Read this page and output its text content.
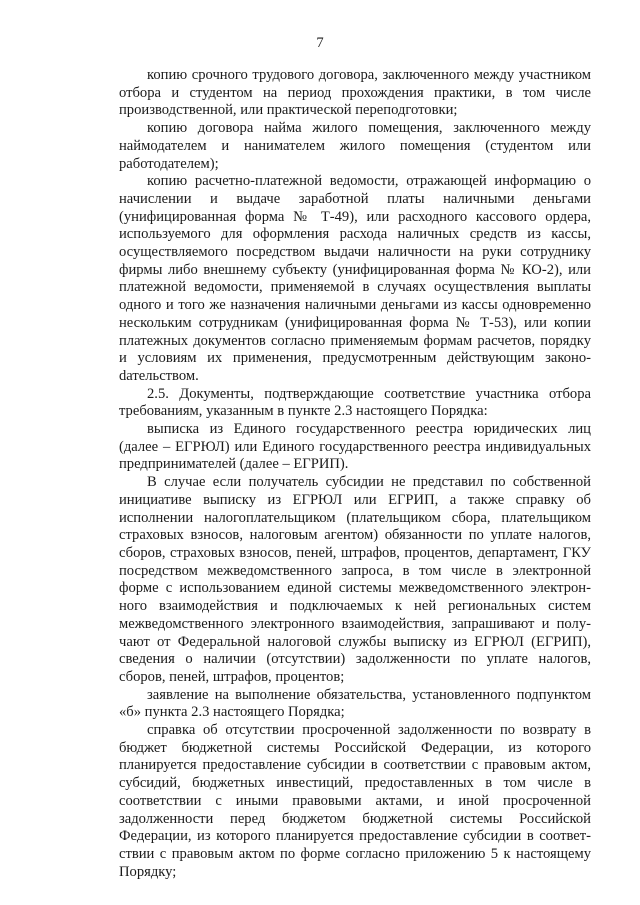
7

копию срочного трудового договора, заключенного между участником отбора и студентом на период прохождения практики, в том числе производственной, или практической переподготовки;

копию договора найма жилого помещения, заключенного между наймодателем и нанимателем жилого помещения (студентом или работодателем);

копию расчетно-платежной ведомости, отражающей информацию о начислении и выдаче заработной платы наличными деньгами (унифицированная форма № Т-49), или расходного кассового ордера, используемого для оформления расхода наличных средств из кассы, осуществляемого посредством выдачи наличности на руки сотруднику фирмы либо внешнему субъекту (унифицированная форма № КО-2), или платежной ведомости, применяемой в случаях осуществления выплаты одного и того же назначения наличными деньгами из кассы одновременно нескольким сотрудникам (унифицированная форма № Т-53), или копии платежных документов согласно применяемым формам расчетов, порядку и условиям их применения, предусмотренным действующим законоdательством.

2.5. Документы, подтверждающие соответствие участника отбора требованиям, указанным в пункте 2.3 настоящего Порядка:

выписка из Единого государственного реестра юридических лиц (далее – ЕГРЮЛ) или Единого государственного реестра индивидуальных предпринимателей (далее – ЕГРИП).

В случае если получатель субсидии не представил по собственной инициативе выписку из ЕГРЮЛ или ЕГРИП, а также справку об исполнении налогоплательщиком (плательщиком сбора, плательщиком страховых взносов, налоговым агентом) обязанности по уплате налогов, сборов, страховых взносов, пеней, штрафов, процентов, департамент, ГКУ посредством межведомственного запроса, в том числе в электронной форме с использованием единой системы межведомственного электронного взаимодействия и подключаемых к ней региональных систем межведомственного электронного взаимодействия, запрашивают и получают от Федеральной налоговой службы выписку из ЕГРЮЛ (ЕГРИП), сведения о наличии (отсутствии) задолженности по уплате налогов, сборов, пеней, штрафов, процентов;

заявление на выполнение обязательства, установленного подпунктом «б» пункта 2.3 настоящего Порядка;

справка об отсутствии просроченной задолженности по возврату в бюджет бюджетной системы Российской Федерации, из которого планируется предоставление субсидии в соответствии с правовым актом, субсидий, бюджетных инвестиций, предоставленных в том числе в соответствии с иными правовыми актами, и иной просроченной задолженности перед бюджетом бюджетной системы Российской Федерации, из которого планируется предоставление субсидии в соответствии с правовым актом по форме согласно приложению 5 к настоящему Порядку;
